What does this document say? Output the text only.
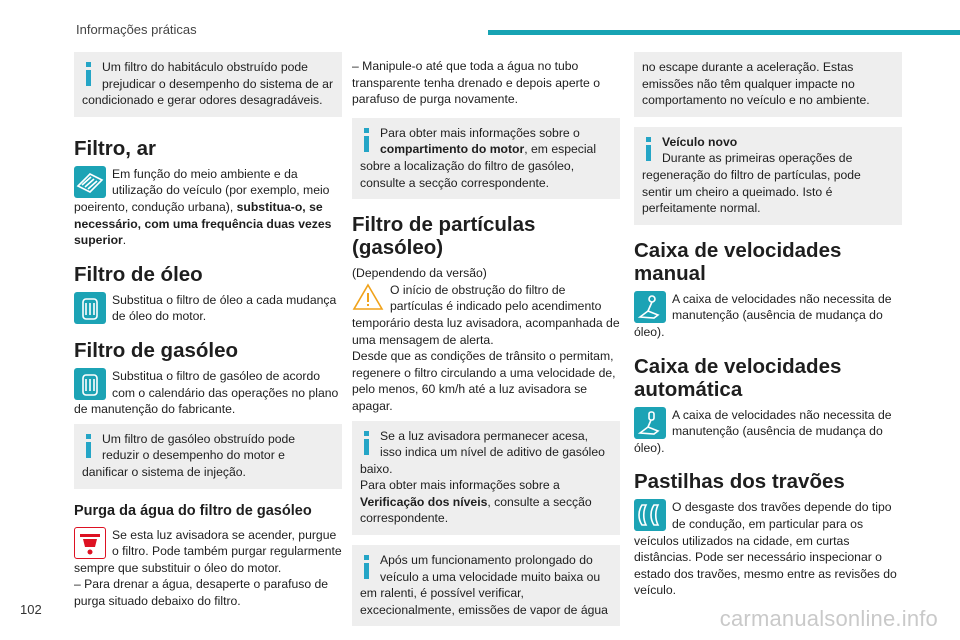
Informações práticas

Um filtro do habitáculo obstruído pode prejudicar o desempenho do sistema de ar condicionado e gerar odores desagradáveis.

Filtro, ar

Em função do meio ambiente e da utilização do veículo (por exemplo, meio poeirento, condução urbana), substitua-o, se necessário, com uma frequência duas vezes superior.

Filtro de óleo

Substitua o filtro de óleo a cada mudança de óleo do motor.

Filtro de gasóleo

Substitua o filtro de gasóleo de acordo com o calendário das operações no plano de manutenção do fabricante.

Um filtro de gasóleo obstruído pode reduzir o desempenho do motor e danificar o sistema de injeção.

Purga da água do filtro de gasóleo

Se esta luz avisadora se acender, purgue o filtro. Pode também purgar regularmente sempre que substituir o óleo do motor.

– Para drenar a água, desaperte o parafuso de purga situado debaixo do filtro.

– Manipule-o até que toda a água no tubo transparente tenha drenado e depois aperte o parafuso de purga novamente.

Para obter mais informações sobre o compartimento do motor, em especial sobre a localização do filtro de gasóleo, consulte a secção correspondente.

Filtro de partículas (gasóleo)

(Dependendo da versão)

O início de obstrução do filtro de partículas é indicado pelo acendimento temporário desta luz avisadora, acompanhada de uma mensagem de alerta.

Desde que as condições de trânsito o permitam, regenere o filtro circulando a uma velocidade de, pelo menos, 60 km/h até a luz avisadora se apagar.

Se a luz avisadora permanecer acesa, isso indica um nível de aditivo de gasóleo baixo.

Para obter mais informações sobre a Verificação dos níveis, consulte a secção correspondente.

Após um funcionamento prolongado do veículo a uma velocidade muito baixa ou em ralenti, é possível verificar, excecionalmente, emissões de vapor de água

no escape durante a aceleração. Estas emissões não têm qualquer impacte no comportamento no veículo e no ambiente.

Veículo novo

Durante as primeiras operações de regeneração do filtro de partículas, pode sentir um cheiro a queimado. Isto é perfeitamente normal.

Caixa de velocidades manual

A caixa de velocidades não necessita de manutenção (ausência de mudança do óleo).

Caixa de velocidades automática

A caixa de velocidades não necessita de manutenção (ausência de mudança do óleo).

Pastilhas dos travões

O desgaste dos travões depende do tipo de condução, em particular para os veículos utilizados na cidade, em curtas distâncias. Pode ser necessário inspecionar o estado dos travões, mesmo entre as revisões do veículo.

102	carmanualsonline.info
